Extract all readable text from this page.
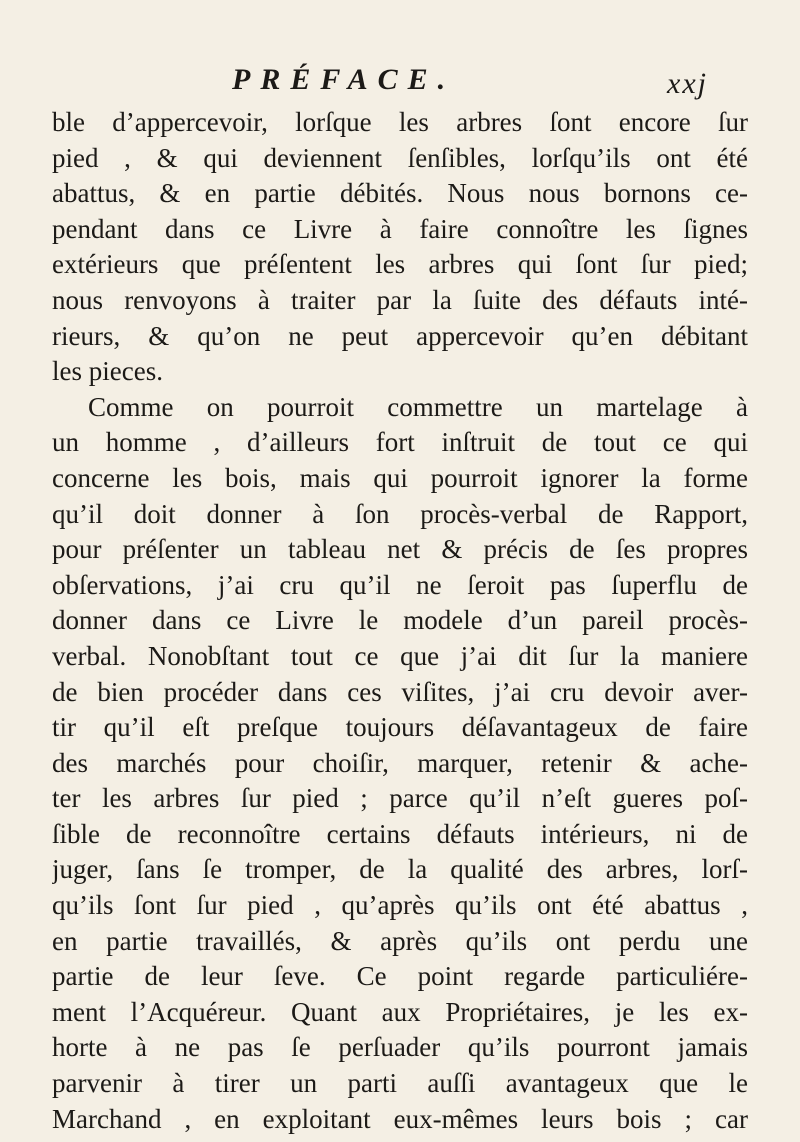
PRÉFACE.	xxj
ble d’appercevoir, lorſque les arbres ſont encore ſur
pied , & qui deviennent ſenſibles, lorſqu’ils ont été
abattus, & en partie débités. Nous nous bornons ce-
pendant dans ce Livre à faire connoître les ſignes
extérieurs que préſentent les arbres qui ſont ſur pied;
nous renvoyons à traiter par la ſuite des défauts inté-
rieurs, & qu’on ne peut appercevoir qu’en débitant
les pieces.
Comme on pourroit commettre un martelage à
un homme , d’ailleurs fort inſtruit de tout ce qui
concerne les bois, mais qui pourroit ignorer la forme
qu’il doit donner à ſon procès-verbal de Rapport,
pour préſenter un tableau net & précis de ſes propres
obſervations, j’ai cru qu’il ne ſeroit pas ſuperflu de
donner dans ce Livre le modele d’un pareil procès-
verbal. Nonobſtant tout ce que j’ai dit ſur la maniere
de bien procéder dans ces viſites, j’ai cru devoir aver-
tir qu’il eſt preſque toujours déſavantageux de faire
des marchés pour choiſir, marquer, retenir & ache-
ter les arbres ſur pied ; parce qu’il n’eſt gueres poſ-
ſible de reconnoître certains défauts intérieurs, ni de
juger, ſans ſe tromper, de la qualité des arbres, lorſ-
qu’ils ſont ſur pied , qu’après qu’ils ont été abattus ,
en partie travaillés, & après qu’ils ont perdu une
partie de leur ſeve. Ce point regarde particuliére-
ment l’Acquéreur. Quant aux Propriétaires, je les ex-
horte à ne pas ſe perſuader qu’ils pourront jamais
parvenir à tirer un parti auſſi avantageux que le
Marchand , en exploitant eux-mêmes leurs bois ; car
